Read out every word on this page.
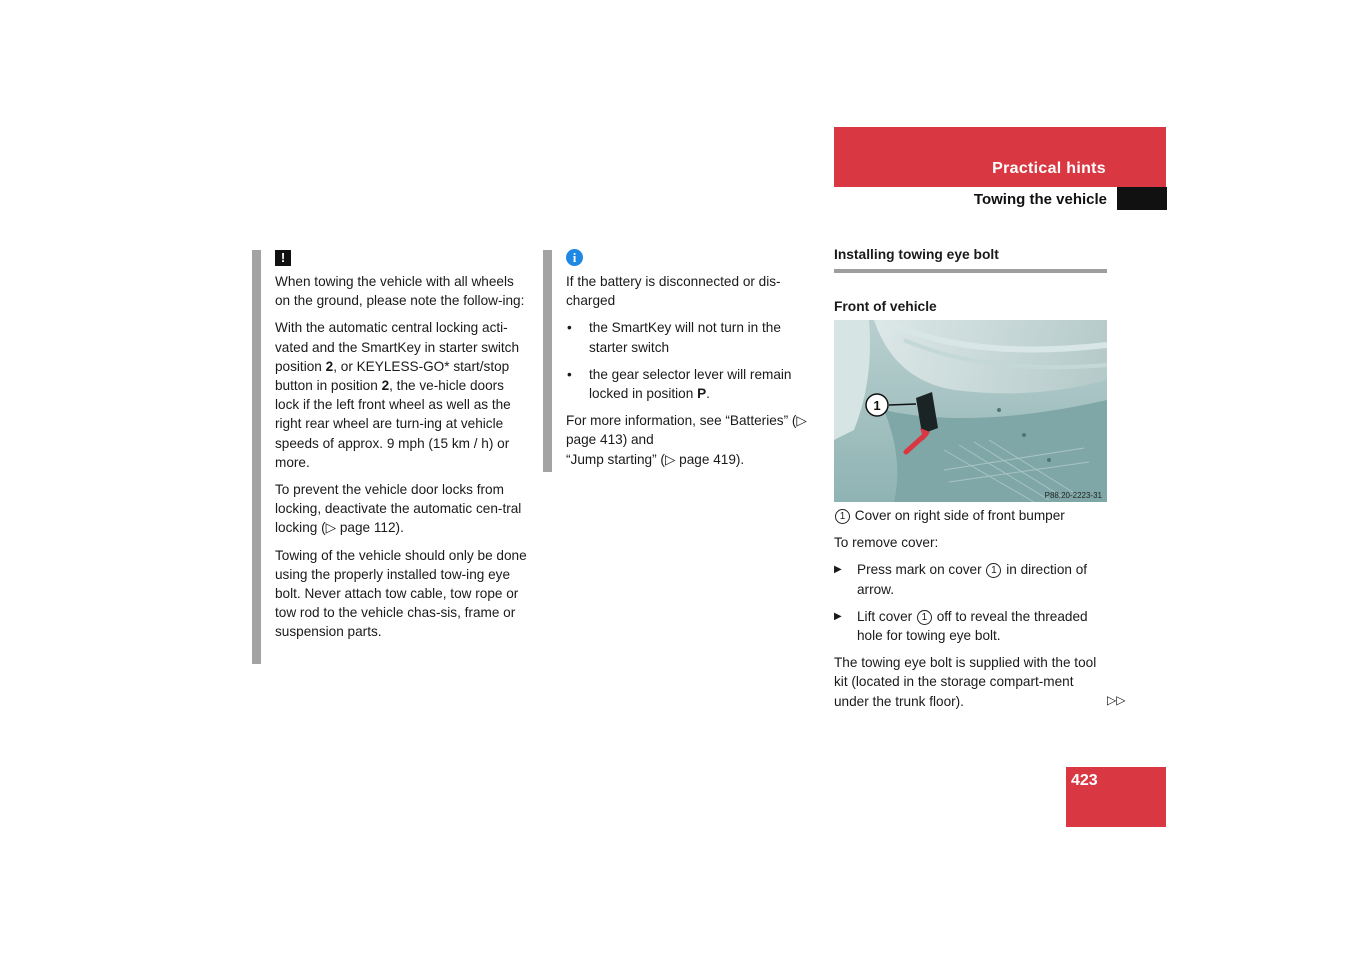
Practical hints
Towing the vehicle
!

When towing the vehicle with all wheels on the ground, please note the follow-ing:

With the automatic central locking acti-vated and the SmartKey in starter switch position 2, or KEYLESS-GO* start/stop button in position 2, the ve-hicle doors lock if the left front wheel as well as the right rear wheel are turn-ing at vehicle speeds of approx. 9 mph (15 km / h) or more.

To prevent the vehicle door locks from locking, deactivate the automatic cen-tral locking (▷ page 112).

Towing of the vehicle should only be done using the properly installed tow-ing eye bolt. Never attach tow cable, tow rope or tow rod to the vehicle chas-sis, frame or suspension parts.

i

If the battery is disconnected or dis-charged

• the SmartKey will not turn in the starter switch
• the gear selector lever will remain locked in position P.

For more information, see “Batteries” (▷ page 413) and
“Jump starting” (▷ page 419).

Installing towing eye bolt
Front of vehicle
1
P88.20-2223-31

1 Cover on right side of front bumper

To remove cover:

▶ Press mark on cover 1 in direction of arrow.
▶ Lift cover 1 off to reveal the threaded hole for towing eye bolt.

The towing eye bolt is supplied with the tool kit (located in the storage compart-ment under the trunk floor).	▷▷
423
